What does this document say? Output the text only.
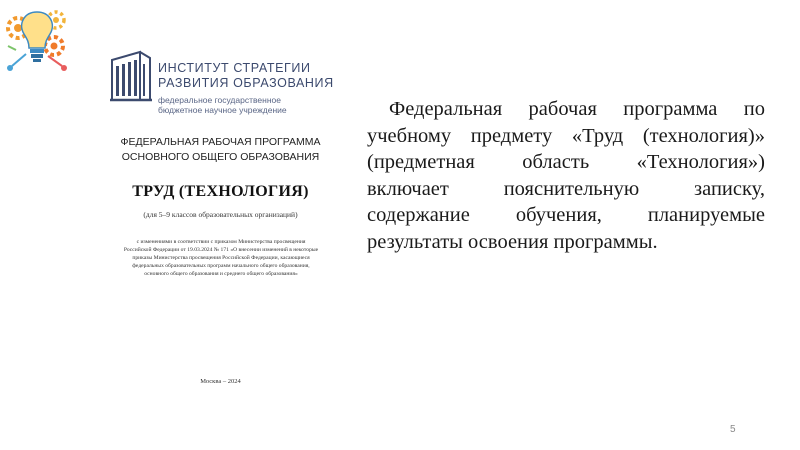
ИНСТИТУТ СТРАТЕГИИ
РАЗВИТИЯ ОБРАЗОВАНИЯ
федеральное государственное
бюджетное научное учреждение
ФЕДЕРАЛЬНАЯ РАБОЧАЯ ПРОГРАММА
ОСНОВНОГО ОБЩЕГО ОБРАЗОВАНИЯ
ТРУД (ТЕХНОЛОГИЯ)
(для 5–9 классов образовательных организаций)
с изменениями в соответствии с приказом Министерства просвещения
Российской Федерации от 19.03.2024 № 171 «О внесении изменений в некоторые
приказы Министерства просвещения Российской Федерации, касающиеся
федеральных образовательных программ начального общего образования,
основного общего образования и среднего общего образования»
Москва – 2024

Федеральная рабочая программа по учебному предмету «Труд (технология)» (предметная область «Технология») включает пояснительную записку, содержание обучения, планируемые результаты освоения программы.

5
